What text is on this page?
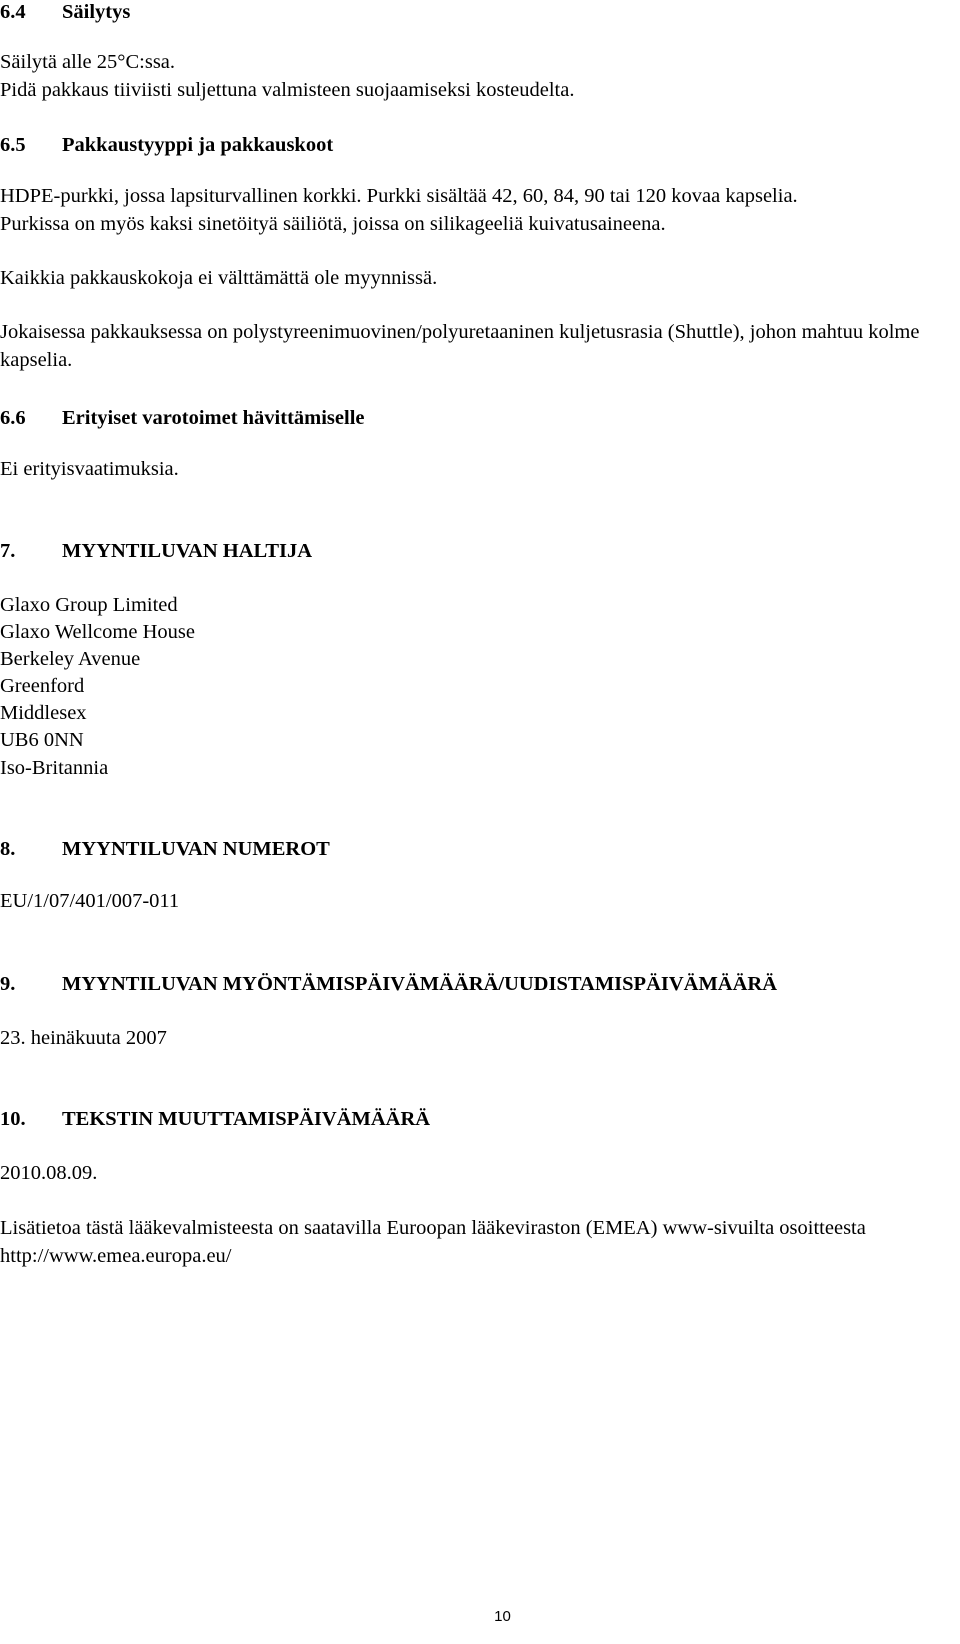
6.4 Säilytys
Säilytä alle 25°C:ssa.
Pidä pakkaus tiiviisti suljettuna valmisteen suojaamiseksi kosteudelta.
6.5 Pakkaustyyppi ja pakkauskoot
HDPE-purkki, jossa lapsiturvallinen korkki. Purkki sisältää 42, 60, 84, 90 tai 120 kovaa kapselia.
Purkissa on myös kaksi sinetöityä säiliötä, joissa on silikageeliä kuivatusaineena.
Kaikkia pakkauskokoja ei välttämättä ole myynnissä.
Jokaisessa pakkauksessa on polystyreenimuovinen/polyuretaaninen kuljetusrasia (Shuttle), johon mahtuu kolme kapselia.
6.6 Erityiset varotoimet hävittämiselle
Ei erityisvaatimuksia.
7. MYYNTILUVAN HALTIJA
Glaxo Group Limited
Glaxo Wellcome House
Berkeley Avenue
Greenford
Middlesex
UB6 0NN
Iso-Britannia
8. MYYNTILUVAN NUMEROT
EU/1/07/401/007-011
9. MYYNTILUVAN MYÖNTÄMISPÄIVÄMÄÄRÄ/UUDISTAMISPÄIVÄMÄÄRÄ
23. heinäkuuta 2007
10. TEKSTIN MUUTTAMISPÄIVÄMÄÄRÄ
2010.08.09.
Lisätietoa tästä lääkevalmisteesta on saatavilla Euroopan lääkeviraston (EMEA) www-sivuilta osoitteesta http://www.emea.europa.eu/
10
